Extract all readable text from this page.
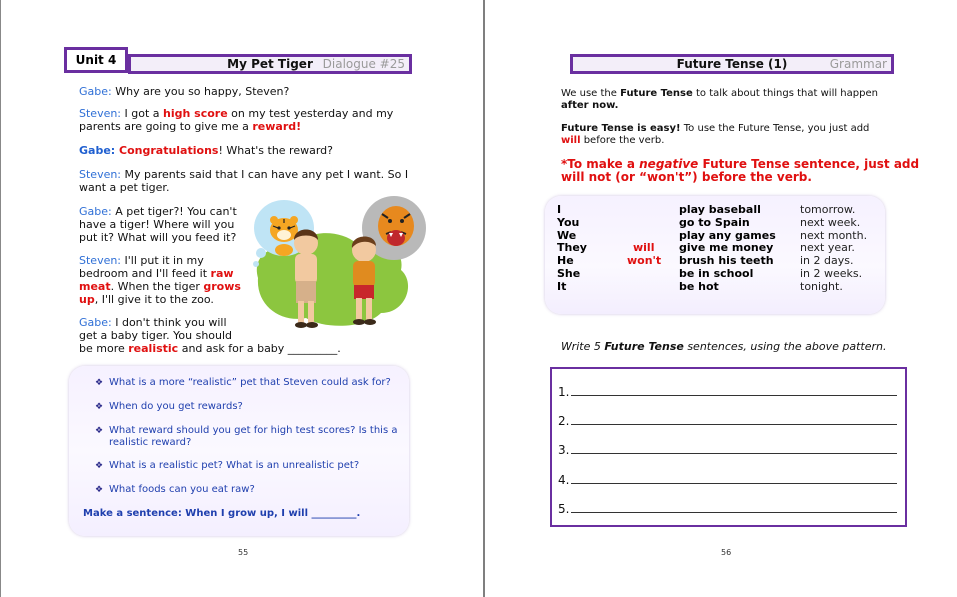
Unit 4	My Pet Tiger Dialogue #25
Gabe: Why are you so happy, Steven?
Steven: I got a high score on my test yesterday and my
parents are going to give me a reward!
Gabe: Congratulations! What's the reward?
Steven: My parents said that I can have any pet I want. So I
want a pet tiger.
Gabe: A pet tiger?! You can't
have a tiger! Where will you
put it? What will you feed it?
Steven: I'll put it in my
bedroom and I'll feed it raw
meat. When the tiger grows
up, I'll give it to the zoo.
Gabe: I don't think you will
get a baby tiger. You should
be more realistic and ask for a baby _________.
❖ What is a more “realistic” pet that Steven could ask for?
❖ When do you get rewards?
❖ What reward should you get for high test scores? Is this a realistic reward?
❖ What is a realistic pet? What is an unrealistic pet?
❖ What foods can you eat raw?
Make a sentence: When I grow up, I will _________.
55
Future Tense (1)	Grammar
We use the Future Tense to talk about things that will happen
after now.
Future Tense is easy! To use the Future Tense, you just add
will before the verb.
*To make a negative Future Tense sentence, just add
will not (or “won't”) before the verb.
I
You
We
They
He
She
It
will
won't
play baseball
go to Spain
play any games
give me money
brush his teeth
be in school
be hot
tomorrow.
next week.
next month.
next year.
in 2 days.
in 2 weeks.
tonight.
Write 5 Future Tense sentences, using the above pattern.
1.
2.
3.
4.
5.
56
